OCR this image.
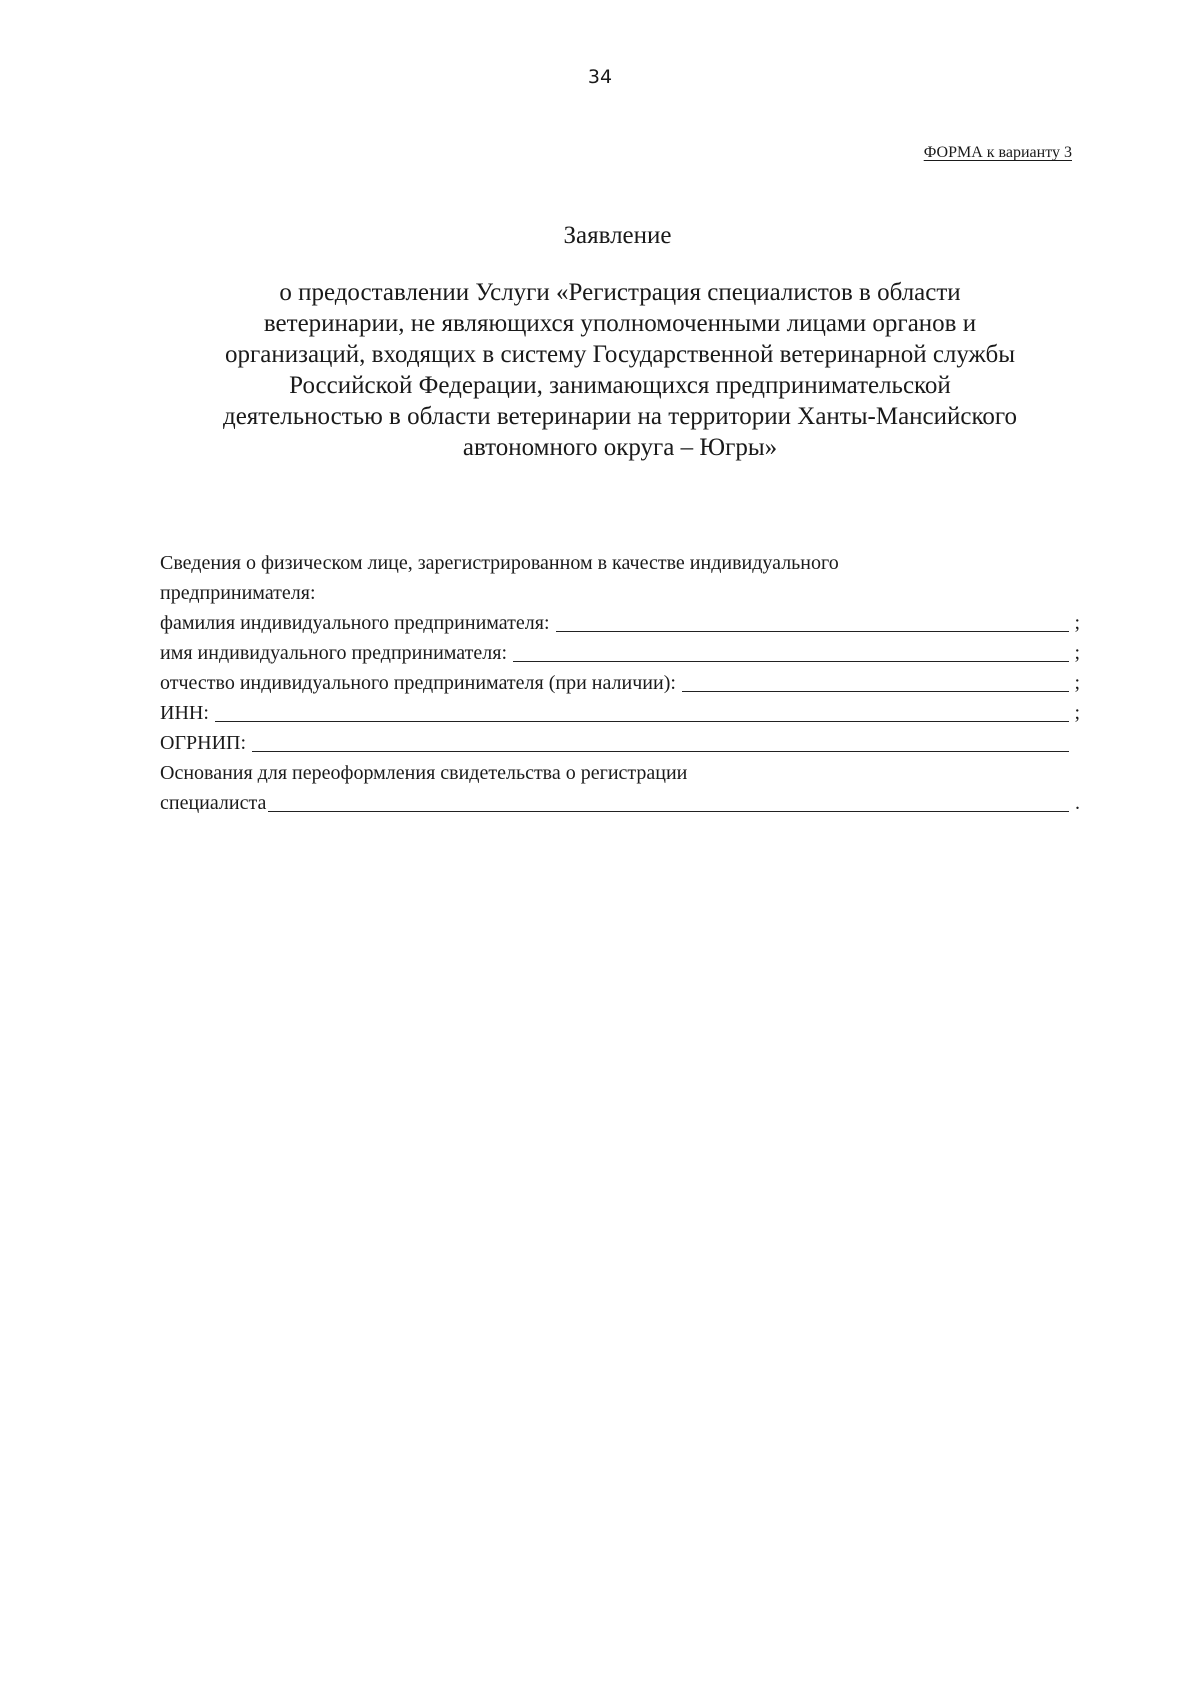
34
ФОРМА к варианту 3
Заявление

о предоставлении Услуги «Регистрация специалистов в области
ветеринарии, не являющихся уполномоченными лицами органов и
организаций, входящих в систему Государственной ветеринарной службы
Российской Федерации, занимающихся предпринимательской
деятельностью в области ветеринарии на территории Ханты-Мансийского
автономного округа – Югры»

Сведения о физическом лице, зарегистрированном в качестве индивидуального
предпринимателя:

фамилия индивидуального предпринимателя:	;
имя индивидуального предпринимателя:	;
отчество индивидуального предпринимателя (при наличии):	;
ИНН:	;
ОГРНИП:
Основания для переоформления свидетельства о регистрации
специалиста	.
